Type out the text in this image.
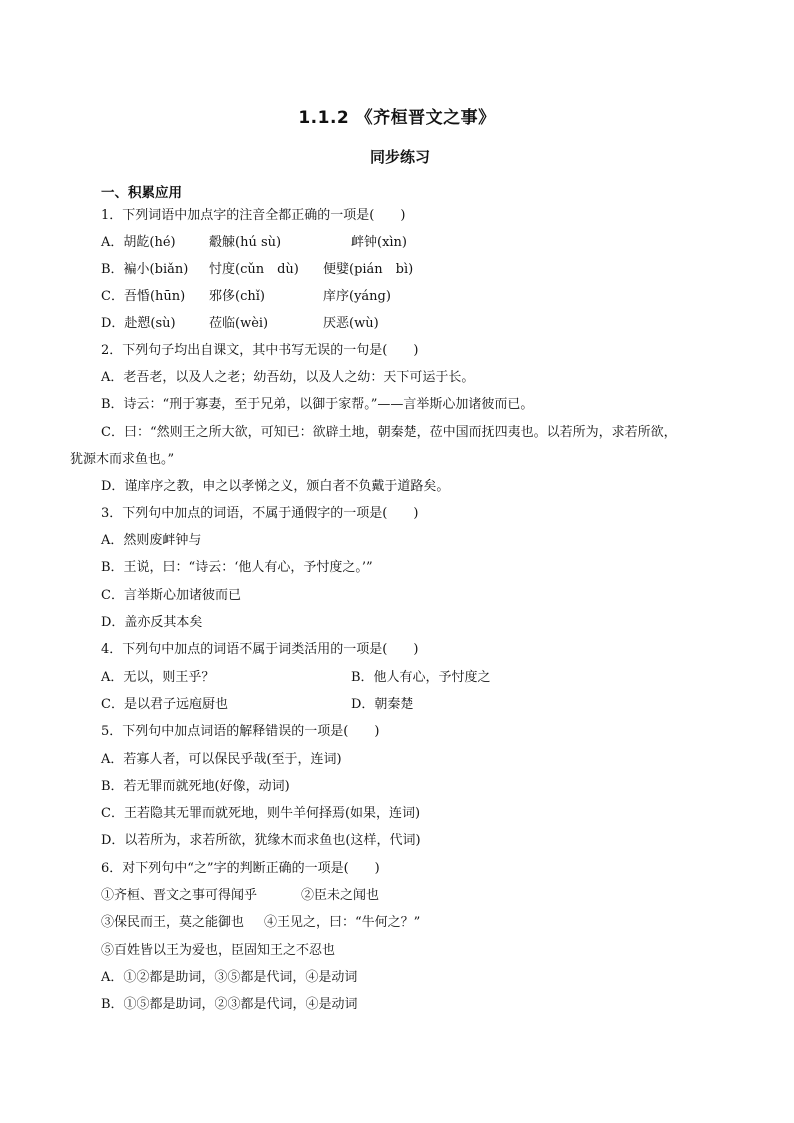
1.1.2 《齐桓晋文之事》
同步练习
一、积累应用
1．下列词语中加点字的注音全都正确的一项是(　　)
A．胡龁(hé)	觳觫(hú sù)	衅钟(xìn)
B．褊小(biǎn) 忖度(cǔn　dù) 便嬖(pián　bì)
C．吾惛(hūn) 邪侈(chǐ)	庠序(yáng)
D．赴愬(sù)	莅临(wèi)	厌恶(wù)
2．下列句子均出自课文，其中书写无误的一句是(　　)
A．老吾老，以及人之老；幼吾幼，以及人之幼：天下可运于长。
B．诗云：“刑于寡妻，至于兄弟，以御于家帮。”——言举斯心加诸彼而已。
C．曰：“然则王之所大欲，可知已：欲辟土地，朝秦楚，莅中国而抚四夷也。以若所为，求若所欲，
犹源木而求鱼也。”
D．谨庠序之教，申之以孝悌之义，颁白者不负戴于道路矣。
3．下列句中加点的词语，不属于通假字的一项是(　　)
A．然则废衅钟与
B．王说，曰：“诗云：‘他人有心，予忖度之。’”
C．言举斯心加诸彼而已
D．盖亦反其本矣
4．下列句中加点的词语不属于词类活用的一项是(　　)
A．无以，则王乎？	B．他人有心，予忖度之
C．是以君子远庖厨也	D．朝秦楚
5．下列句中加点词语的解释错误的一项是(　　)
A．若寡人者，可以保民乎哉(至于，连词)
B．若无罪而就死地(好像，动词)
C．王若隐其无罪而就死地，则牛羊何择焉(如果，连词)
D．以若所为，求若所欲，犹缘木而求鱼也(这样，代词)
6．对下列句中“之”字的判断正确的一项是(　　)
①齐桓、晋文之事可得闻乎	②臣未之闻也
③保民而王，莫之能御也 ④王见之，曰：“牛何之？”
⑤百姓皆以王为爱也，臣固知王之不忍也
A．①②都是助词，③⑤都是代词，④是动词
B．①⑤都是助词，②③都是代词，④是动词
